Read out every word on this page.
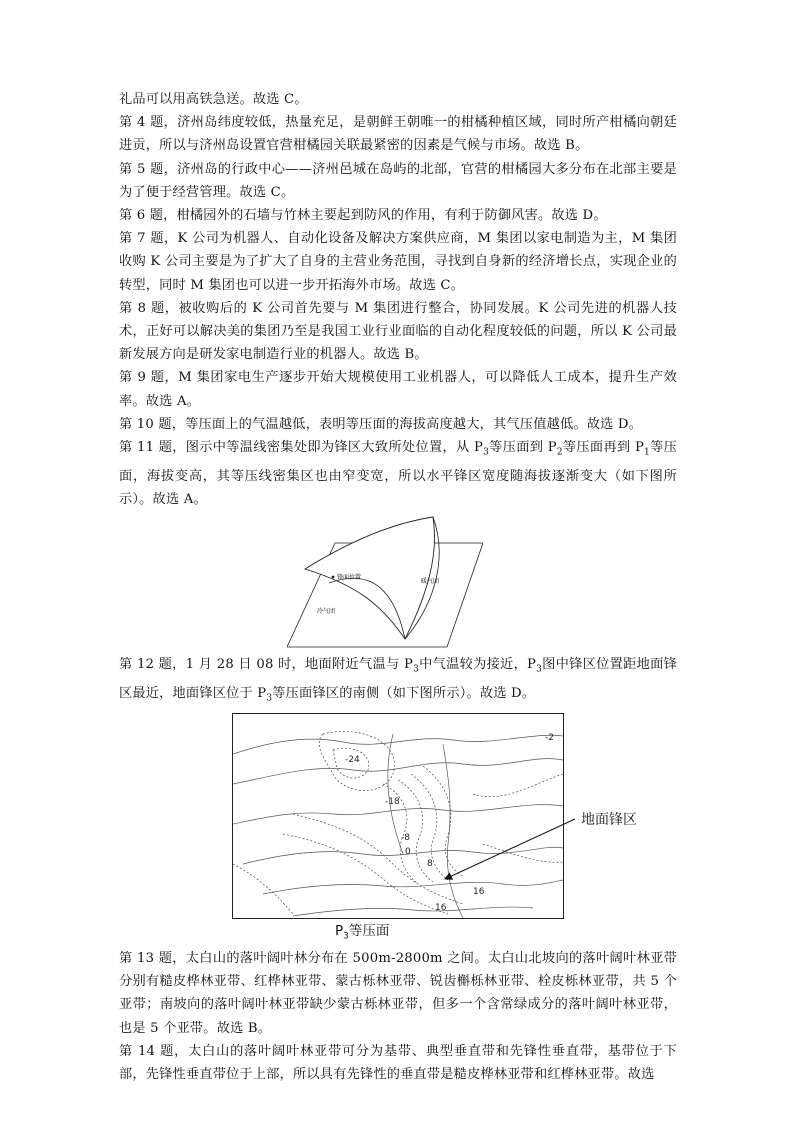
礼品可以用高铁急送。故选 C。

第 4 题，济州岛纬度较低，热量充足，是朝鲜王朝唯一的柑橘种植区域，同时所产柑橘向朝廷进贡，所以与济州岛设置官营柑橘园关联最紧密的因素是气候与市场。故选 B。

第 5 题，济州岛的行政中心——济州邑城在岛屿的北部，官营的柑橘园大多分布在北部主要是为了便于经营管理。故选 C。

第 6 题，柑橘园外的石墙与竹林主要起到防风的作用，有利于防御风害。故选 D。

第 7 题，K 公司为机器人、自动化设备及解决方案供应商，M 集团以家电制造为主，M 集团收购 K 公司主要是为了扩大了自身的主营业务范围，寻找到自身新的经济增长点，实现企业的转型，同时 M 集团也可以进一步开拓海外市场。故选 C。

第 8 题，被收购后的 K 公司首先要与 M 集团进行整合，协同发展。K 公司先进的机器人技术，正好可以解决美的集团乃至是我国工业行业面临的自动化程度较低的问题，所以 K 公司最新发展方向是研发家电制造行业的机器人。故选 B。

第 9 题，M 集团家电生产逐步开始大规模使用工业机器人，可以降低人工成本，提升生产效率。故选 A。

第 10 题，等压面上的气温越低，表明等压面的海拔高度越大，其气压值越低。故选 D。

第 11 题，图示中等温线密集处即为锋区大致所处位置，从 $P_3$等压面到 $P_2$等压面再到 $P_1$等压面，海拔变高，其等压线密集区也由窄变宽，所以水平锋区宽度随海拔逐渐变大（如下图所示）。故选 A。

锋面位置
暖气团
冷气团

第 12 题，1 月 28 日 08 时，地面附近气温与 $P_3$中气温较为接近，$P_3$图中锋区位置距地面锋区最近，地面锋区位于 $P_3$等压面锋区的南侧（如下图所示）。故选 D。

-2
-24
-18
-8
0
8
16
16
地面锋区
$P_3$等压面

第 13 题，太白山的落叶阔叶林分布在 500m-2800m 之间。太白山北坡向的落叶阔叶林亚带分别有糙皮桦林亚带、红桦林亚带、蒙古栎林亚带、锐齿槲栎林亚带、栓皮栎林亚带，共 5 个亚带；南坡向的落叶阔叶林亚带缺少蒙古栎林亚带，但多一个含常绿成分的落叶阔叶林亚带，也是 5 个亚带。故选 B。

第 14 题，太白山的落叶阔叶林亚带可分为基带、典型垂直带和先锋性垂直带，基带位于下部，先锋性垂直带位于上部，所以具有先锋性的垂直带是糙皮桦林亚带和红桦林亚带。故选
